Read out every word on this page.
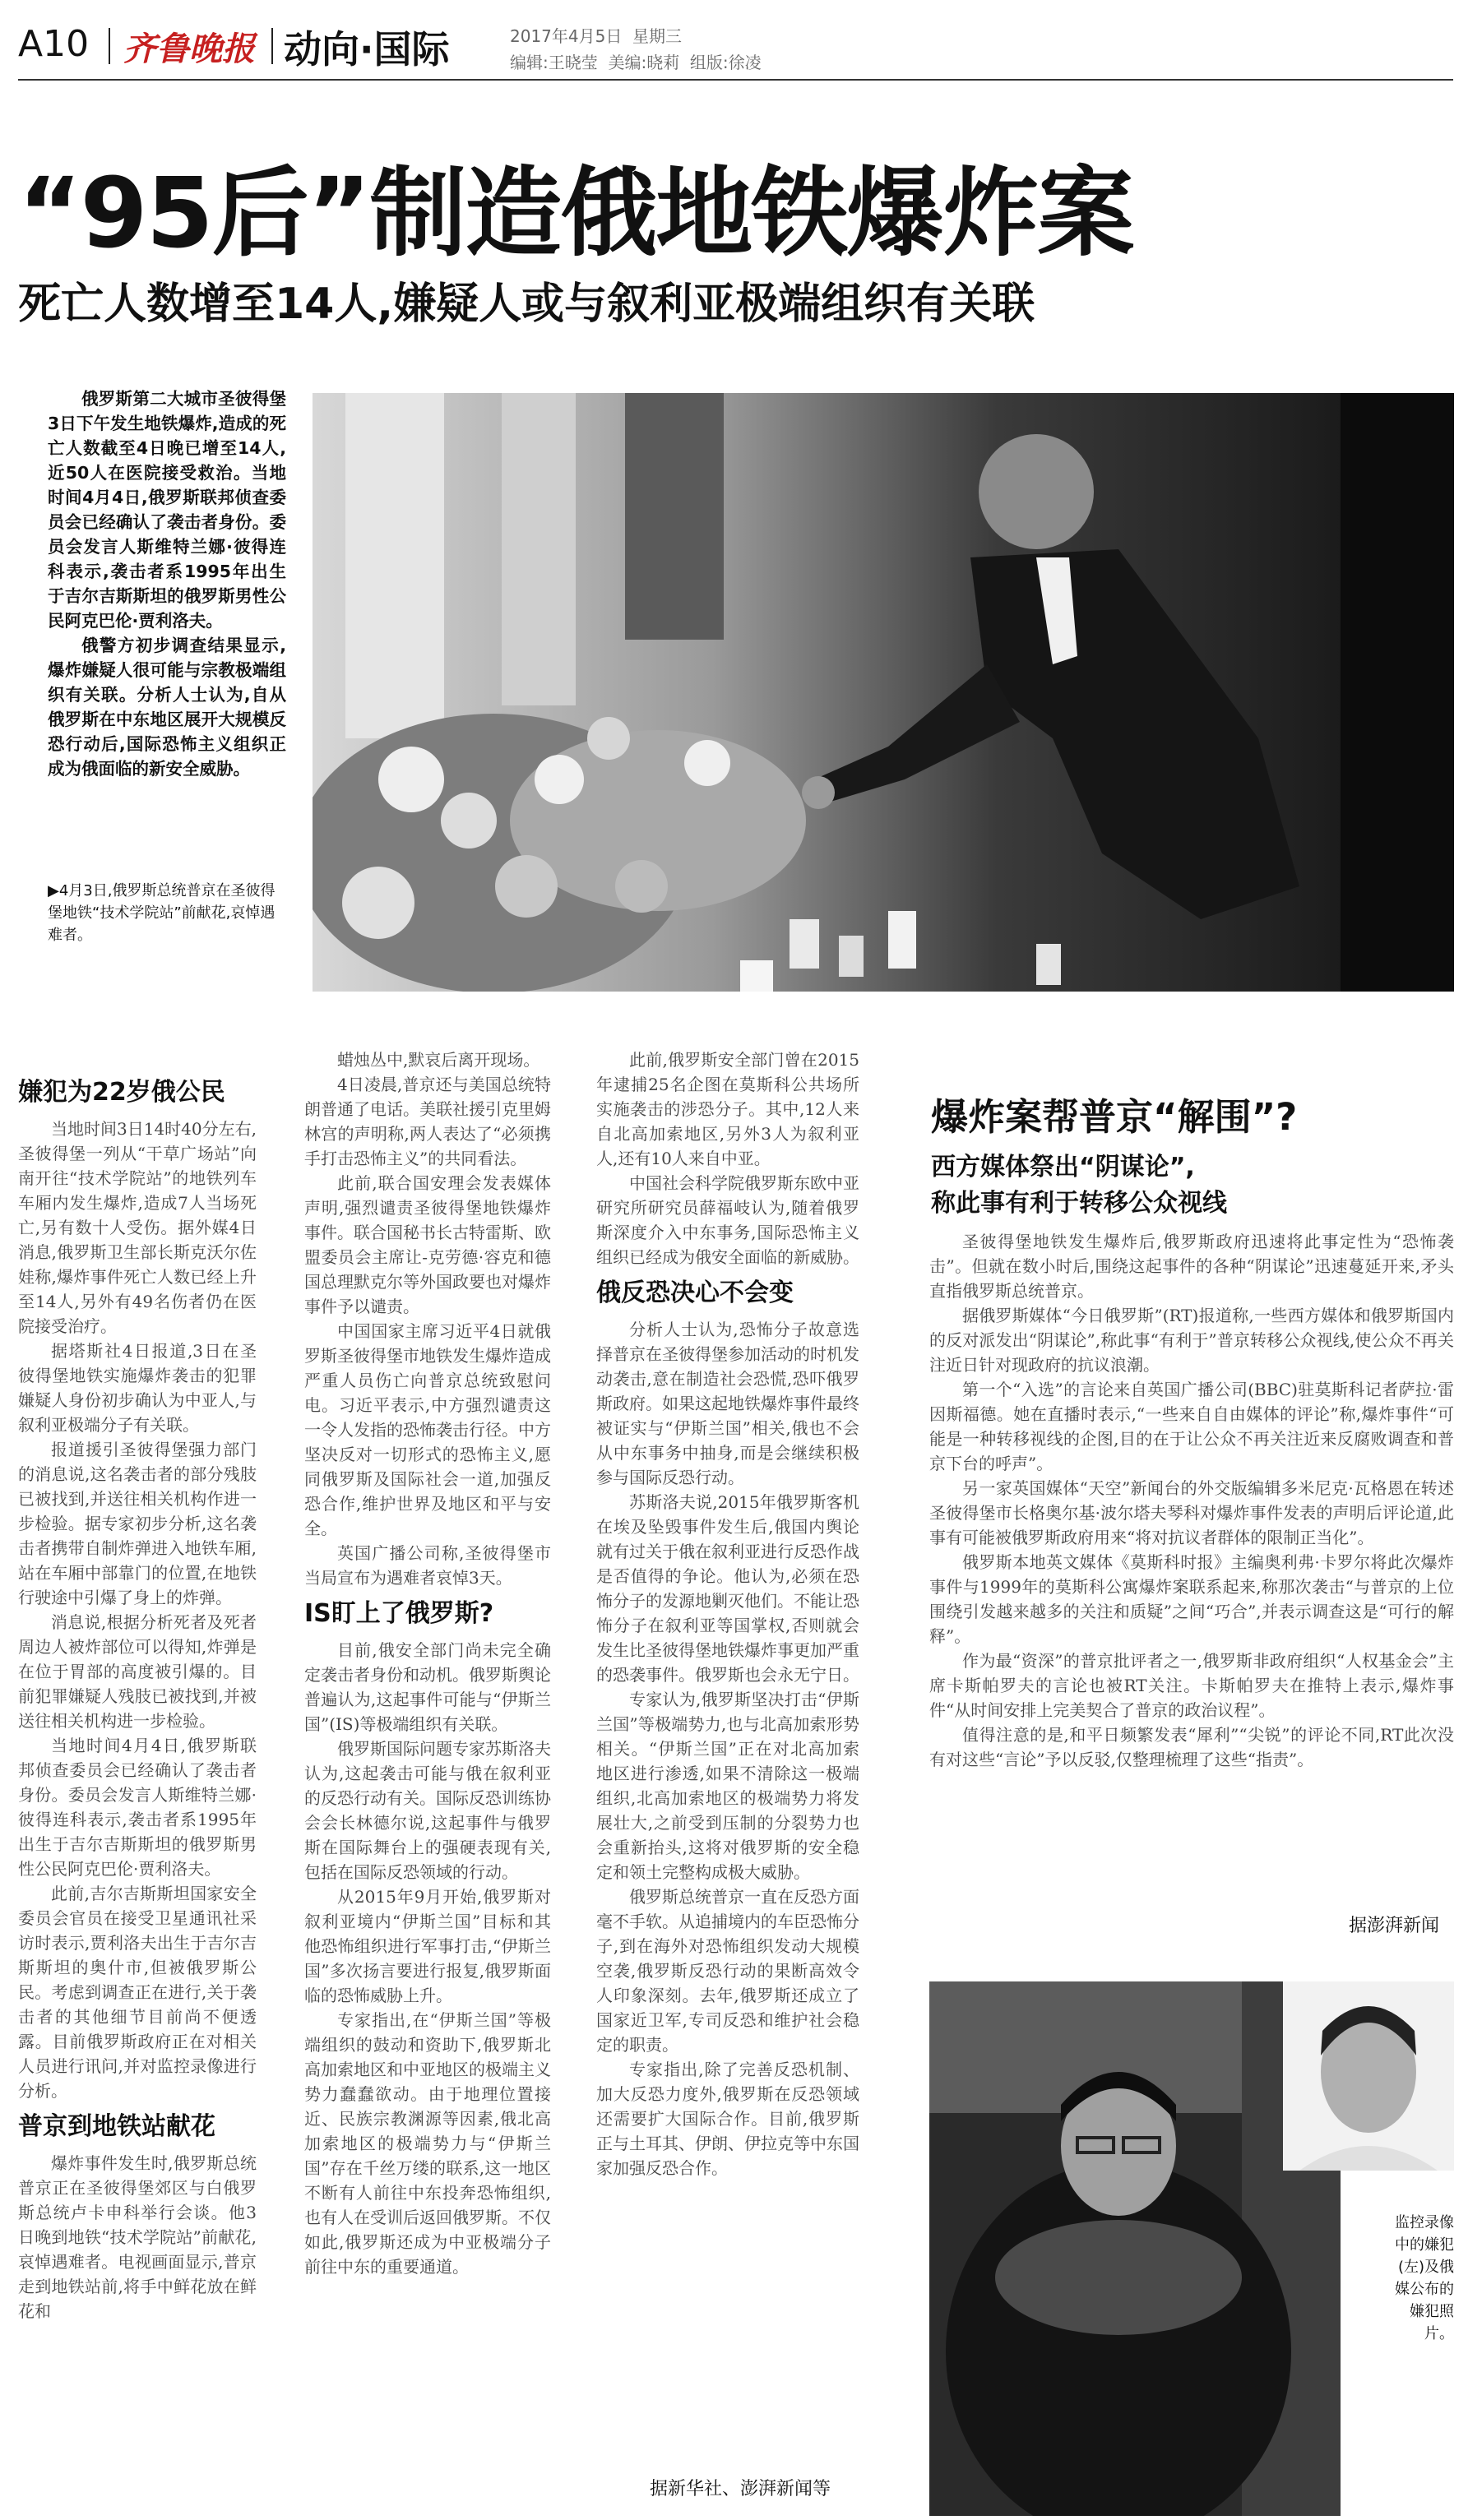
A10 齐鲁晚报 动向·国际	2017年4月5日  星期三
编辑:王晓莹  美编:晓莉  组版:徐凌
“95后”制造俄地铁爆炸案
死亡人数增至14人,嫌疑人或与叙利亚极端组织有关联

俄罗斯第二大城市圣彼得堡3日下午发生地铁爆炸,造成的死亡人数截至4日晚已增至14人,近50人在医院接受救治。当地时间4月4日,俄罗斯联邦侦查委员会已经确认了袭击者身份。委员会发言人斯维特兰娜·彼得连科表示,袭击者系1995年出生于吉尔吉斯斯坦的俄罗斯男性公民阿克巴伦·贾利洛夫。

俄警方初步调查结果显示,爆炸嫌疑人很可能与宗教极端组织有关联。分析人士认为,自从俄罗斯在中东地区展开大规模反恐行动后,国际恐怖主义组织正成为俄面临的新安全威胁。

▶4月3日,俄罗斯总统普京在圣彼得堡地铁“技术学院站”前献花,哀悼遇难者。
嫌犯为22岁俄公民

当地时间3日14时40分左右,圣彼得堡一列从“干草广场站”向南开往“技术学院站”的地铁列车车厢内发生爆炸,造成7人当场死亡,另有数十人受伤。据外媒4日消息,俄罗斯卫生部长斯克沃尔佐娃称,爆炸事件死亡人数已经上升至14人,另外有49名伤者仍在医院接受治疗。

据塔斯社4日报道,3日在圣彼得堡地铁实施爆炸袭击的犯罪嫌疑人身份初步确认为中亚人,与叙利亚极端分子有关联。

报道援引圣彼得堡强力部门的消息说,这名袭击者的部分残肢已被找到,并送往相关机构作进一步检验。据专家初步分析,这名袭击者携带自制炸弹进入地铁车厢,站在车厢中部靠门的位置,在地铁行驶途中引爆了身上的炸弹。

消息说,根据分析死者及死者周边人被炸部位可以得知,炸弹是在位于胃部的高度被引爆的。目前犯罪嫌疑人残肢已被找到,并被送往相关机构进一步检验。

当地时间4月4日,俄罗斯联邦侦查委员会已经确认了袭击者身份。委员会发言人斯维特兰娜·彼得连科表示,袭击者系1995年出生于吉尔吉斯斯坦的俄罗斯男性公民阿克巴伦·贾利洛夫。

此前,吉尔吉斯斯坦国家安全委员会官员在接受卫星通讯社采访时表示,贾利洛夫出生于吉尔吉斯斯坦的奥什市,但被俄罗斯公民。考虑到调查正在进行,关于袭击者的其他细节目前尚不便透露。目前俄罗斯政府正在对相关人员进行讯问,并对监控录像进行分析。

普京到地铁站献花

爆炸事件发生时,俄罗斯总统普京正在圣彼得堡郊区与白俄罗斯总统卢卡申科举行会谈。他3日晚到地铁“技术学院站”前献花,哀悼遇难者。电视画面显示,普京走到地铁站前,将手中鲜花放在鲜花和

蜡烛丛中,默哀后离开现场。

4日凌晨,普京还与美国总统特朗普通了电话。美联社援引克里姆林宫的声明称,两人表达了“必须携手打击恐怖主义”的共同看法。

此前,联合国安理会发表媒体声明,强烈谴责圣彼得堡地铁爆炸事件。联合国秘书长古特雷斯、欧盟委员会主席让-克劳德·容克和德国总理默克尔等外国政要也对爆炸事件予以谴责。

中国国家主席习近平4日就俄罗斯圣彼得堡市地铁发生爆炸造成严重人员伤亡向普京总统致慰问电。习近平表示,中方强烈谴责这一令人发指的恐怖袭击行径。中方坚决反对一切形式的恐怖主义,愿同俄罗斯及国际社会一道,加强反恐合作,维护世界及地区和平与安全。

英国广播公司称,圣彼得堡市当局宣布为遇难者哀悼3天。

IS盯上了俄罗斯?

目前,俄安全部门尚未完全确定袭击者身份和动机。俄罗斯舆论普遍认为,这起事件可能与“伊斯兰国”(IS)等极端组织有关联。

俄罗斯国际问题专家苏斯洛夫认为,这起袭击可能与俄在叙利亚的反恐行动有关。国际反恐训练协会会长林德尔说,这起事件与俄罗斯在国际舞台上的强硬表现有关,包括在国际反恐领域的行动。

从2015年9月开始,俄罗斯对叙利亚境内“伊斯兰国”目标和其他恐怖组织进行军事打击,“伊斯兰国”多次扬言要进行报复,俄罗斯面临的恐怖威胁上升。

专家指出,在“伊斯兰国”等极端组织的鼓动和资助下,俄罗斯北高加索地区和中亚地区的极端主义势力蠢蠢欲动。由于地理位置接近、民族宗教渊源等因素,俄北高加索地区的极端势力与“伊斯兰国”存在千丝万缕的联系,这一地区不断有人前往中东投奔恐怖组织,也有人在受训后返回俄罗斯。不仅如此,俄罗斯还成为中亚极端分子前往中东的重要通道。

此前,俄罗斯安全部门曾在2015年逮捕25名企图在莫斯科公共场所实施袭击的涉恐分子。其中,12人来自北高加索地区,另外3人为叙利亚人,还有10人来自中亚。

中国社会科学院俄罗斯东欧中亚研究所研究员薛福岐认为,随着俄罗斯深度介入中东事务,国际恐怖主义组织已经成为俄安全面临的新威胁。

俄反恐决心不会变

分析人士认为,恐怖分子故意选择普京在圣彼得堡参加活动的时机发动袭击,意在制造社会恐慌,恐吓俄罗斯政府。如果这起地铁爆炸事件最终被证实与“伊斯兰国”相关,俄也不会从中东事务中抽身,而是会继续积极参与国际反恐行动。

苏斯洛夫说,2015年俄罗斯客机在埃及坠毁事件发生后,俄国内舆论就有过关于俄在叙利亚进行反恐作战是否值得的争论。他认为,必须在恐怖分子的发源地剿灭他们。不能让恐怖分子在叙利亚等国掌权,否则就会发生比圣彼得堡地铁爆炸事更加严重的恐袭事件。俄罗斯也会永无宁日。

专家认为,俄罗斯坚决打击“伊斯兰国”等极端势力,也与北高加索形势相关。“伊斯兰国”正在对北高加索地区进行渗透,如果不清除这一极端组织,北高加索地区的极端势力将发展壮大,之前受到压制的分裂势力也会重新抬头,这将对俄罗斯的安全稳定和领土完整构成极大威胁。

俄罗斯总统普京一直在反恐方面毫不手软。从追捕境内的车臣恐怖分子,到在海外对恐怖组织发动大规模空袭,俄罗斯反恐行动的果断高效令人印象深刻。去年,俄罗斯还成立了国家近卫军,专司反恐和维护社会稳定的职责。

专家指出,除了完善反恐机制、加大反恐力度外,俄罗斯在反恐领域还需要扩大国际合作。目前,俄罗斯正与土耳其、伊朗、伊拉克等中东国家加强反恐合作。

据新华社、澎湃新闻等
爆炸案帮普京“解围”?
西方媒体祭出“阴谋论”,
称此事有利于转移公众视线

圣彼得堡地铁发生爆炸后,俄罗斯政府迅速将此事定性为“恐怖袭击”。但就在数小时后,围绕这起事件的各种“阴谋论”迅速蔓延开来,矛头直指俄罗斯总统普京。

据俄罗斯媒体“今日俄罗斯”(RT)报道称,一些西方媒体和俄罗斯国内的反对派发出“阴谋论”,称此事“有利于”普京转移公众视线,使公众不再关注近日针对现政府的抗议浪潮。

第一个“入选”的言论来自英国广播公司(BBC)驻莫斯科记者萨拉·雷因斯福德。她在直播时表示,“一些来自自由媒体的评论”称,爆炸事件“可能是一种转移视线的企图,目的在于让公众不再关注近来反腐败调查和普京下台的呼声”。

另一家英国媒体“天空”新闻台的外交版编辑多米尼克·瓦格恩在转述圣彼得堡市长格奥尔基·波尔塔夫琴科对爆炸事件发表的声明后评论道,此事有可能被俄罗斯政府用来“将对抗议者群体的限制正当化”。

俄罗斯本地英文媒体《莫斯科时报》主编奥利弗·卡罗尔将此次爆炸事件与1999年的莫斯科公寓爆炸案联系起来,称那次袭击“与普京的上位围绕引发越来越多的关注和质疑”之间“巧合”,并表示调查这是“可行的解释”。

作为最“资深”的普京批评者之一,俄罗斯非政府组织“人权基金会”主席卡斯帕罗夫的言论也被RT关注。卡斯帕罗夫在推特上表示,爆炸事件“从时间安排上完美契合了普京的政治议程”。

值得注意的是,和平日频繁发表“犀利”“尖锐”的评论不同,RT此次没有对这些“言论”予以反驳,仅整理梳理了这些“指责”。

据澎湃新闻
监控录像中的嫌犯(左)及俄媒公布的嫌犯照片。
